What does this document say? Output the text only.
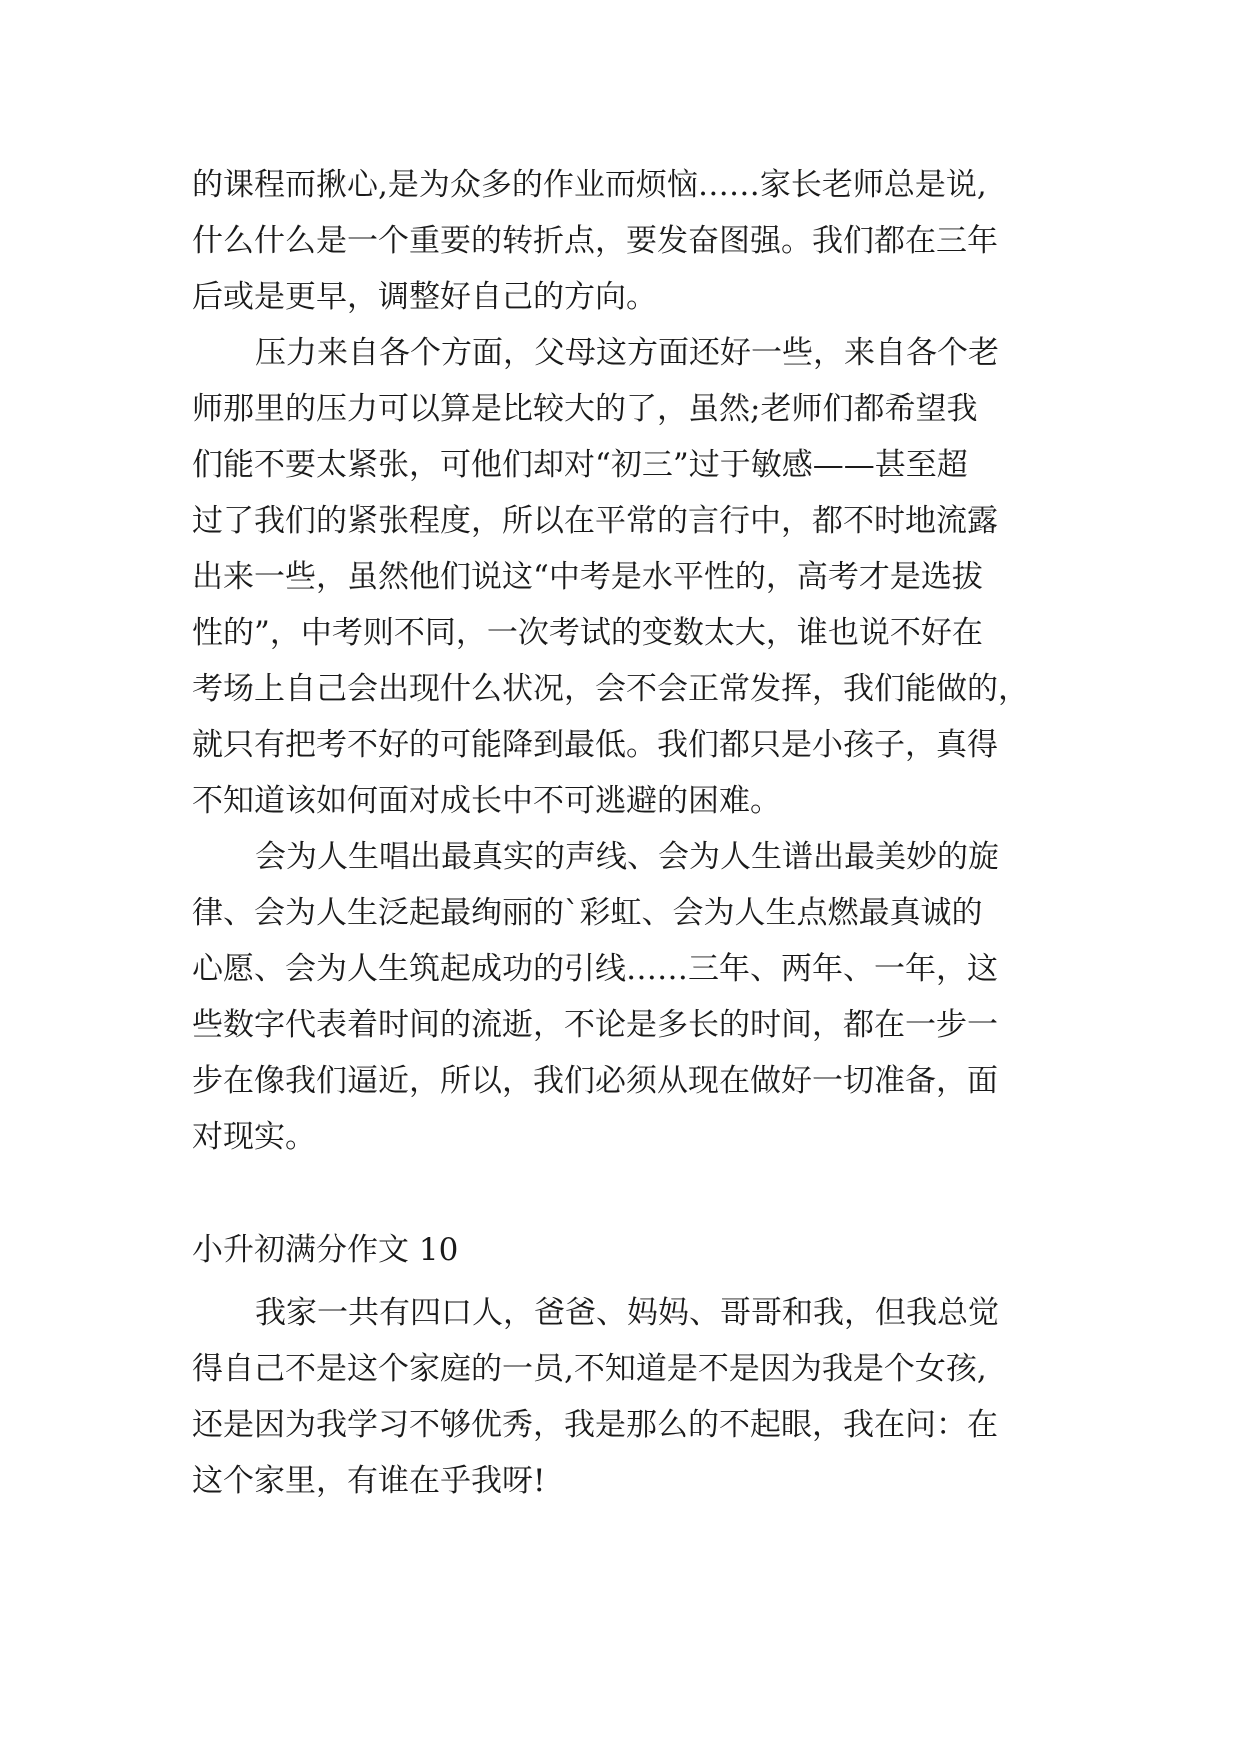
的课程而揪心,是为众多的作业而烦恼……家长老师总是说,
什么什么是一个重要的转折点，要发奋图强。我们都在三年
后或是更早，调整好自己的方向。
压力来自各个方面，父母这方面还好一些，来自各个老
师那里的压力可以算是比较大的了，虽然;老师们都希望我
们能不要太紧张，可他们却对“初三”过于敏感——甚至超
过了我们的紧张程度，所以在平常的言行中，都不时地流露
出来一些，虽然他们说这“中考是水平性的，高考才是选拔
性的”，中考则不同，一次考试的变数太大，谁也说不好在
考场上自己会出现什么状况，会不会正常发挥，我们能做的，
就只有把考不好的可能降到最低。我们都只是小孩子，真得
不知道该如何面对成长中不可逃避的困难。
会为人生唱出最真实的声线、会为人生谱出最美妙的旋
律、会为人生泛起最绚丽的`彩虹、会为人生点燃最真诚的
心愿、会为人生筑起成功的引线……三年、两年、一年，这
些数字代表着时间的流逝，不论是多长的时间，都在一步一
步在像我们逼近，所以，我们必须从现在做好一切准备，面
对现实。
小升初满分作文 10
我家一共有四口人，爸爸、妈妈、哥哥和我，但我总觉
得自己不是这个家庭的一员,不知道是不是因为我是个女孩,
还是因为我学习不够优秀，我是那么的不起眼，我在问：在
这个家里，有谁在乎我呀!
